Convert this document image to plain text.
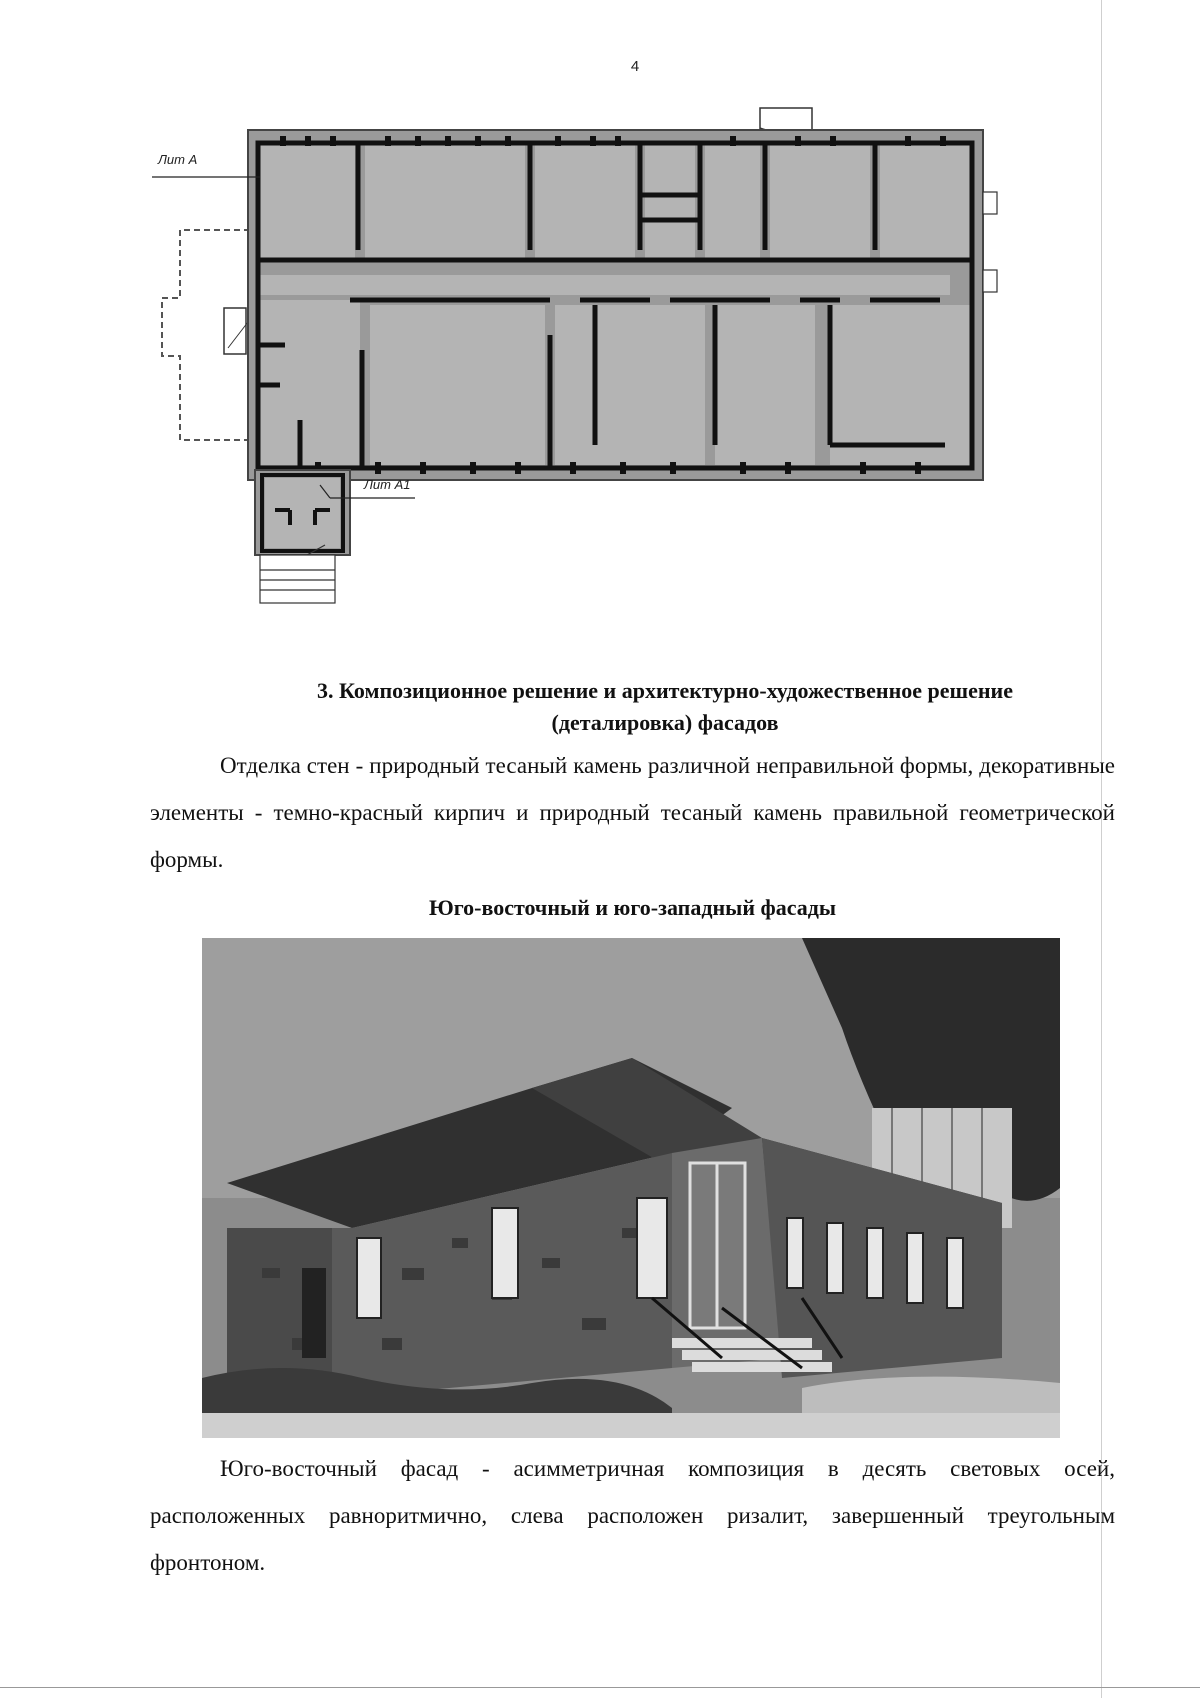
4
Лит А
Лит А1
3. Композиционное решение и архитектурно-художественное решение
(деталировка) фасадов

Отделка стен - природный тесаный камень различной неправильной формы, декоративные элементы - темно-красный кирпич и природный тесаный камень правильной геометрической формы.

Юго-восточный и юго-западный фасады

Юго-восточный фасад - асимметричная композиция в десять световых осей, расположенных равноритмично, слева расположен ризалит, завершенный треугольным фронтоном.
